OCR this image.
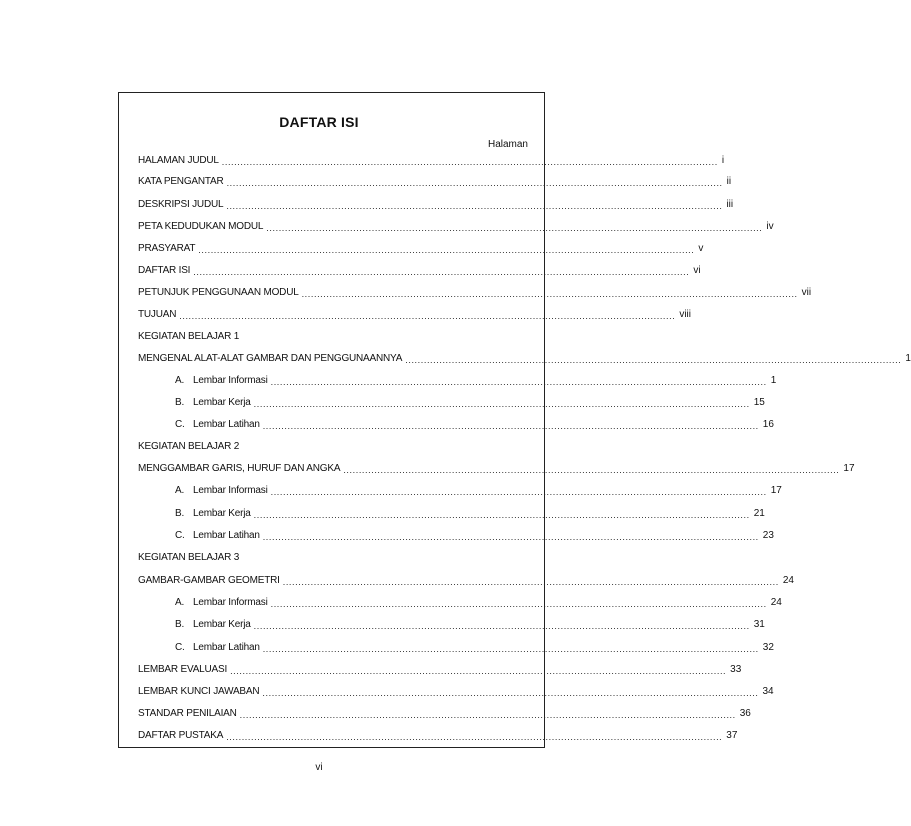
DAFTAR ISI
Halaman
HALAMAN JUDUL ................................................................................................................................................................ i
KATA PENGANTAR ................................................................................................................................................................ ii
DESKRIPSI JUDUL ................................................................................................................................................................ iii
PETA KEDUDUKAN MODUL ................................................................................................................................................................ iv
PRASYARAT ................................................................................................................................................................ v
DAFTAR ISI ................................................................................................................................................................ vi
PETUNJUK PENGGUNAAN MODUL ................................................................................................................................................................ vii
TUJUAN ................................................................................................................................................................ viii
KEGIATAN BELAJAR 1
MENGENAL ALAT-ALAT GAMBAR DAN PENGGUNAANNYA ................................................................................................................................................................ 1
A. Lembar Informasi ................................................................................................................................................................ 1
B. Lembar Kerja ................................................................................................................................................................ 15
C. Lembar Latihan ................................................................................................................................................................ 16
KEGIATAN BELAJAR 2
MENGGAMBAR GARIS, HURUF DAN ANGKA ................................................................................................................................................................ 17
A. Lembar Informasi ................................................................................................................................................................ 17
B. Lembar Kerja ................................................................................................................................................................ 21
C. Lembar Latihan ................................................................................................................................................................ 23
KEGIATAN BELAJAR 3
GAMBAR-GAMBAR GEOMETRI ................................................................................................................................................................ 24
A. Lembar Informasi ................................................................................................................................................................ 24
B. Lembar Kerja ................................................................................................................................................................ 31
C. Lembar Latihan ................................................................................................................................................................ 32
LEMBAR EVALUASI ................................................................................................................................................................ 33
LEMBAR KUNCI JAWABAN ................................................................................................................................................................ 34
STANDAR PENILAIAN ................................................................................................................................................................ 36
DAFTAR PUSTAKA ................................................................................................................................................................ 37
vi
